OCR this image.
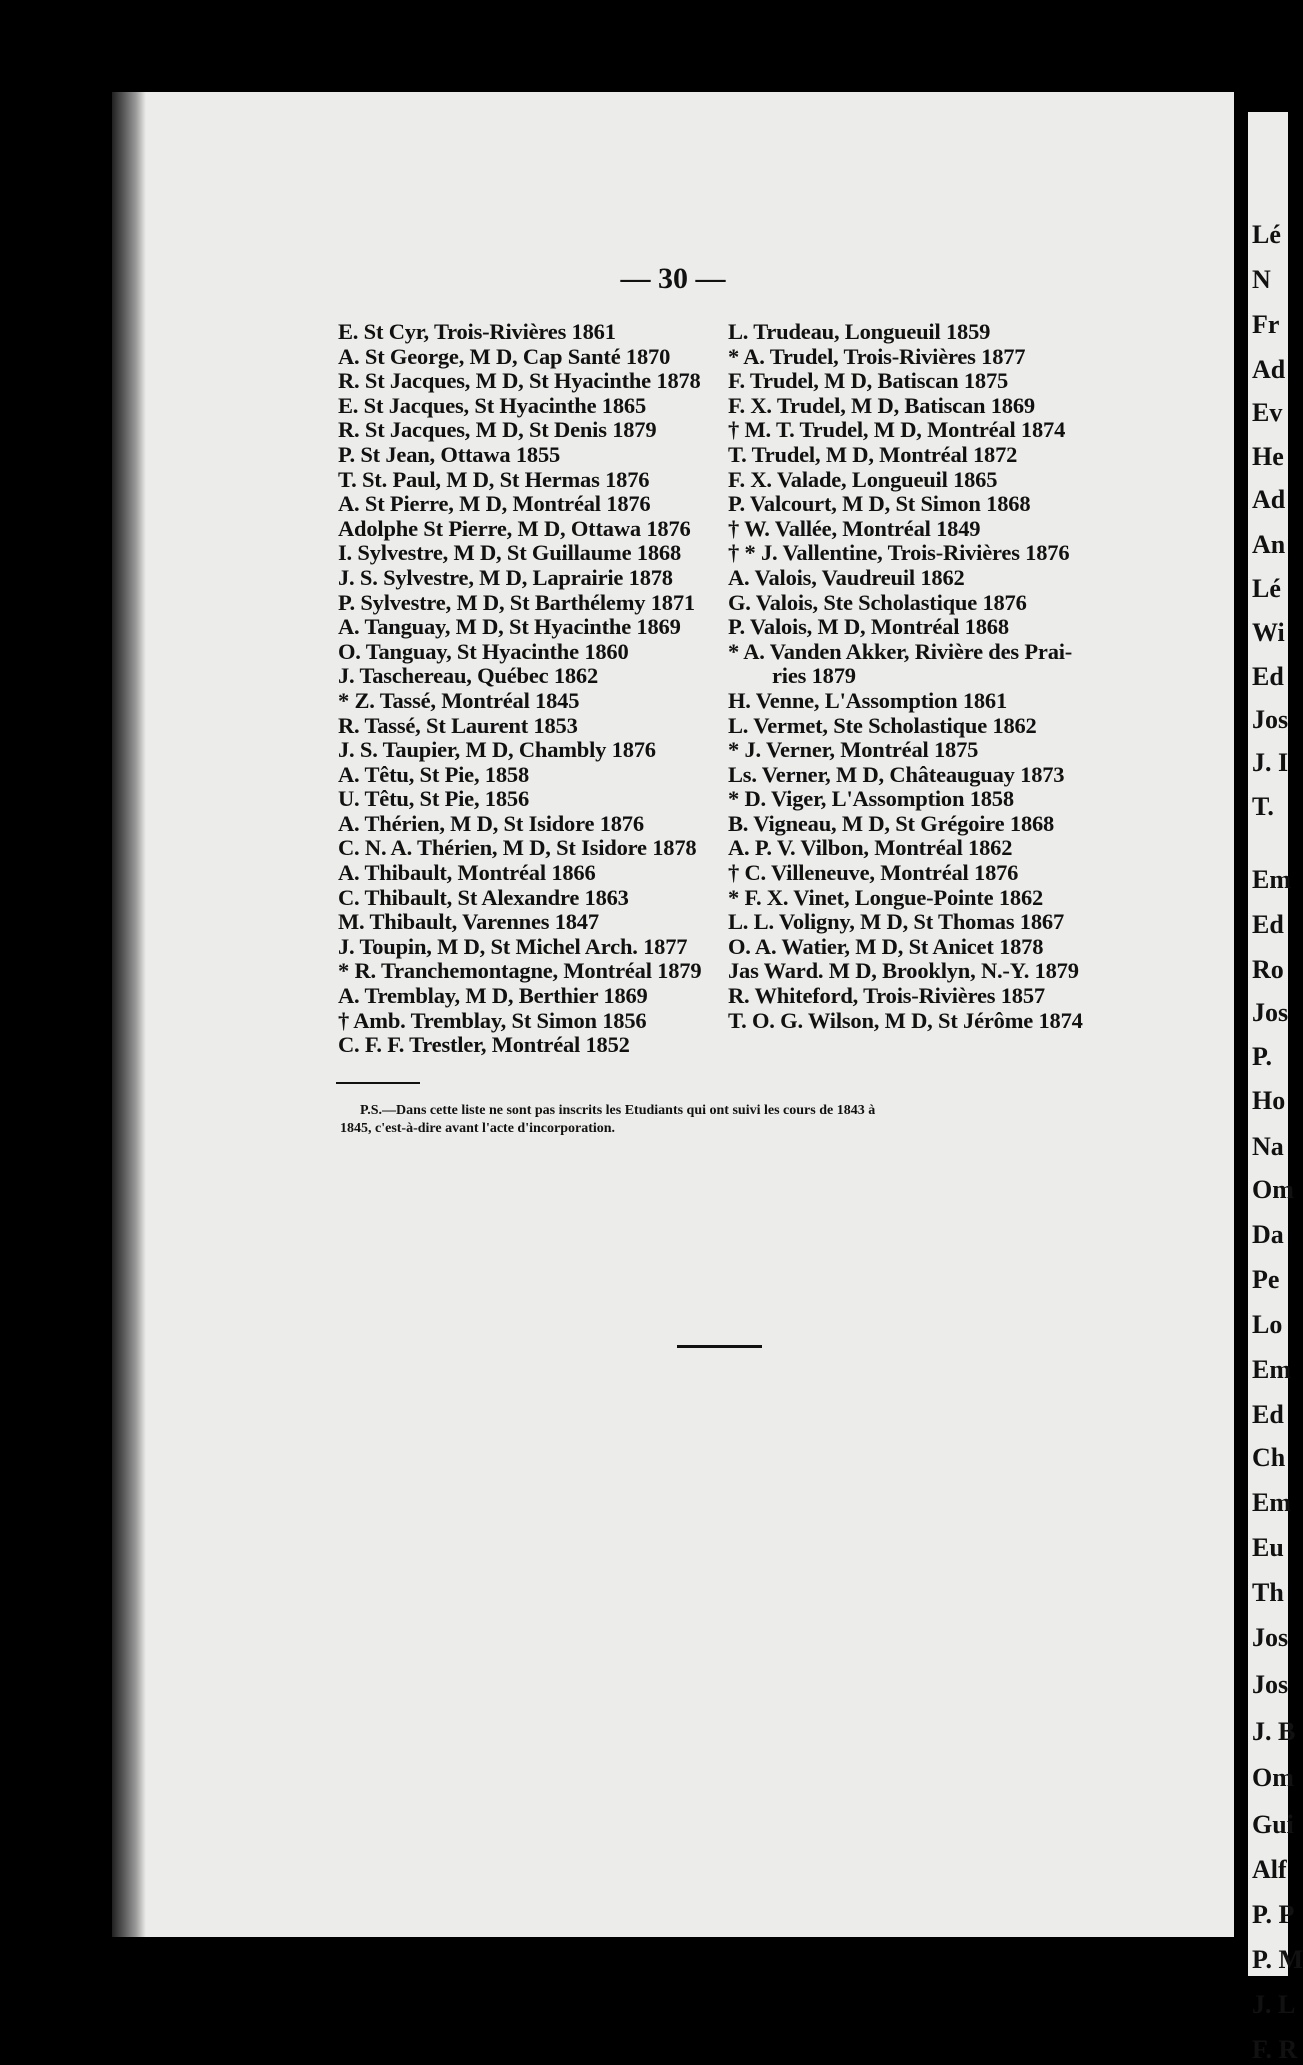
— 30 —
E. St Cyr, Trois-Rivières 1861
A. St George, M D, Cap Santé 1870
R. St Jacques, M D, St Hyacinthe 1878
E. St Jacques, St Hyacinthe 1865
R. St Jacques, M D, St Denis 1879
P. St Jean, Ottawa 1855
T. St. Paul, M D, St Hermas 1876
A. St Pierre, M D, Montréal 1876
Adolphe St Pierre, M D, Ottawa 1876
I. Sylvestre, M D, St Guillaume 1868
J. S. Sylvestre, M D, Laprairie 1878
P. Sylvestre, M D, St Barthélemy 1871
A. Tanguay, M D, St Hyacinthe 1869
O. Tanguay, St Hyacinthe 1860
J. Taschereau, Québec 1862
* Z. Tassé, Montréal 1845
R. Tassé, St Laurent 1853
J. S. Taupier, M D, Chambly 1876
A. Têtu, St Pie, 1858
U. Têtu, St Pie, 1856
A. Thérien, M D, St Isidore 1876
C. N. A. Thérien, M D, St Isidore 1878
A. Thibault, Montréal 1866
C. Thibault, St Alexandre 1863
M. Thibault, Varennes 1847
J. Toupin, M D, St Michel Arch. 1877
* R. Tranchemontagne, Montréal 1879
A. Tremblay, M D, Berthier 1869
† Amb. Tremblay, St Simon 1856
C. F. F. Trestler, Montréal 1852
L. Trudeau, Longueuil 1859
* A. Trudel, Trois-Rivières 1877
F. Trudel, M D, Batiscan 1875
F. X. Trudel, M D, Batiscan 1869
† M. T. Trudel, M D, Montréal 1874
T. Trudel, M D, Montréal 1872
F. X. Valade, Longueuil 1865
P. Valcourt, M D, St Simon 1868
† W. Vallée, Montréal 1849
† * J. Vallentine, Trois-Rivières 1876
A. Valois, Vaudreuil 1862
G. Valois, Ste Scholastique 1876
P. Valois, M D, Montréal 1868
* A. Vanden Akker, Rivière des Prai-
ries 1879
H. Venne, L'Assomption 1861
L. Vermet, Ste Scholastique 1862
* J. Verner, Montréal 1875
Ls. Verner, M D, Châteauguay 1873
* D. Viger, L'Assomption 1858
B. Vigneau, M D, St Grégoire 1868
A. P. V. Vilbon, Montréal 1862
† C. Villeneuve, Montréal 1876
* F. X. Vinet, Longue-Pointe 1862
L. L. Voligny, M D, St Thomas 1867
O. A. Watier, M D, St Anicet 1878
Jas Ward. M D, Brooklyn, N.-Y. 1879
R. Whiteford, Trois-Rivières 1857
T. O. G. Wilson, M D, St Jérôme 1874
P.S.—Dans cette liste ne sont pas inscrits les Etudiants qui ont suivi les cours de 1843 à
1845, c'est-à-dire avant l'acte d'incorporation.
Lé
N
Fr
Ad
Ev
He
Ad
An
Lé
Wi
Ed
Jos
J. I
T.
Em
Ed
Ro
Jos
P.
Ho
Na
Om
Da
Pe
Lo
Em
Ed
Ch
Em
Eu
Th
Jos
Jos
J. B
Om
Gui
Alf
P. P
P. M
J. L
F. R
